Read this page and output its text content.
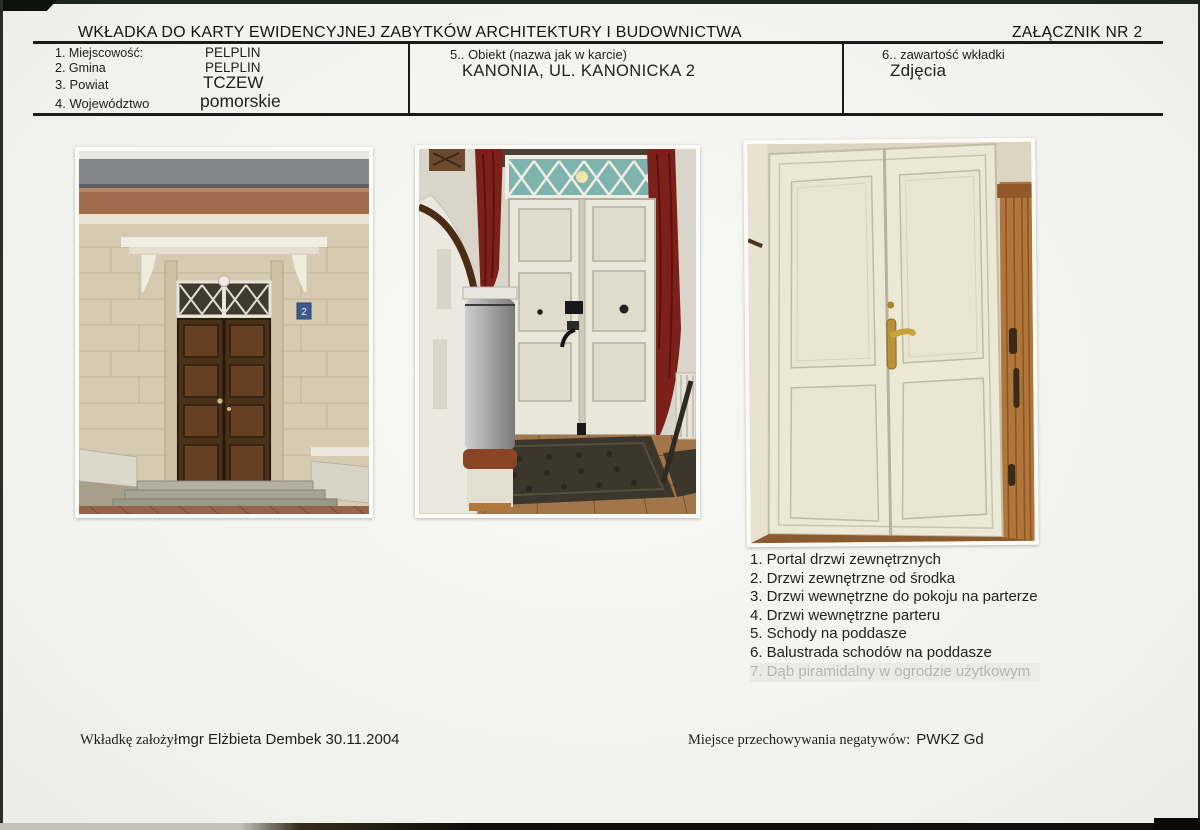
WKŁADKA DO KARTY EWIDENCYJNEJ ZABYTKÓW ARCHITEKTURY I BUDOWNICTWA	ZAŁĄCZNIK NR 2
1. Miejscowość:	PELPLIN
2. Gmina	PELPLIN
3. Powiat	TCZEW
4. Województwo	pomorskie
5.. Obiekt (nazwa jak w karcie)
KANONIA, UL. KANONICKA 2
6.. zawartość wkładki
Zdjęcia
2
1. Portal drzwi zewnętrznych
2. Drzwi zewnętrzne od środka
3. Drzwi wewnętrzne do pokoju na parterze
4. Drzwi wewnętrzne parteru
5. Schody na poddasze
6. Balustrada schodów na poddasze
7. Dąb piramidalny w ogrodzie użytkowym
Wkładkę założył:
mgr Elżbieta Dembek 30.11.2004	Miejsce przechowywania negatywów: PWKZ Gd
